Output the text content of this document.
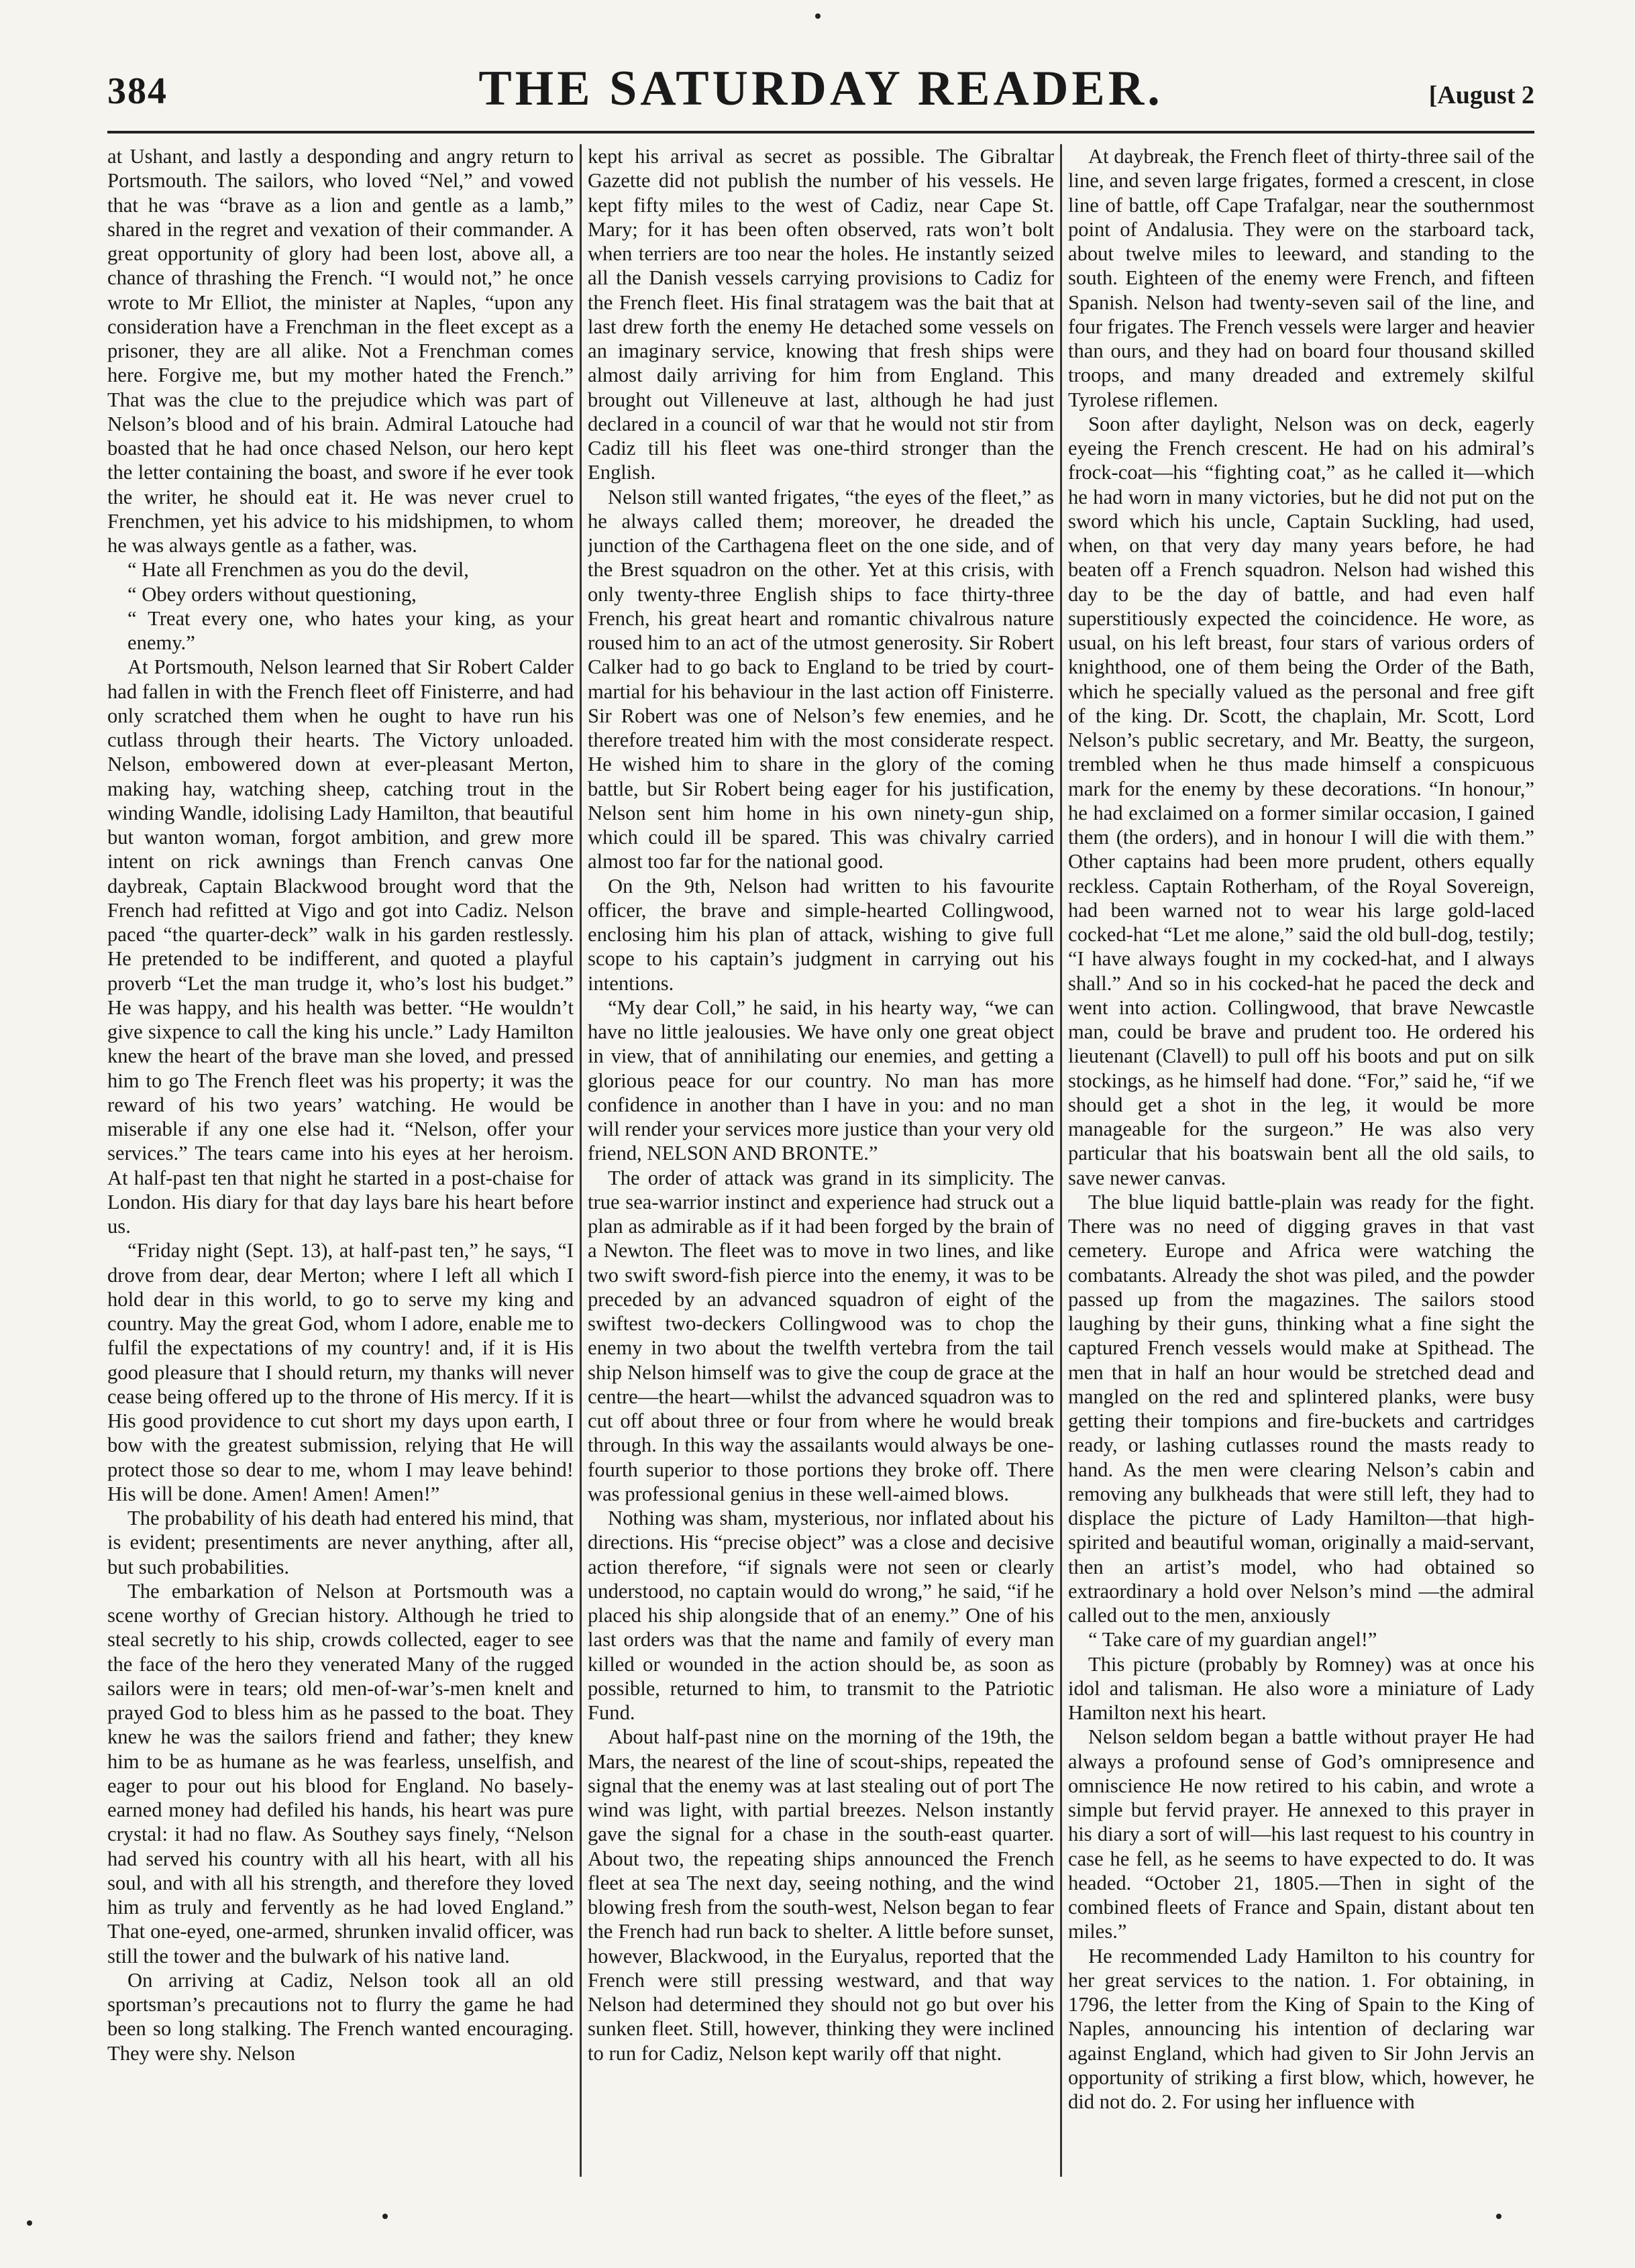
384	THE SATURDAY READER.	[August 2

at Ushant, and lastly a desponding and angry return to Portsmouth. The sailors, who loved “Nel,” and vowed that he was “brave as a lion and gentle as a lamb,” shared in the regret and vexation of their commander. A great opportunity of glory had been lost, above all, a chance of thrashing the French. “I would not,” he once wrote to Mr Elliot, the minister at Naples, “upon any consideration have a Frenchman in the fleet except as a prisoner, they are all alike. Not a Frenchman comes here. Forgive me, but my mother hated the French.” That was the clue to the prejudice which was part of Nelson’s blood and of his brain. Admiral Latouche had boasted that he had once chased Nelson, our hero kept the letter containing the boast, and swore if he ever took the writer, he should eat it. He was never cruel to Frenchmen, yet his advice to his midshipmen, to whom he was always gentle as a father, was.

“ Hate all Frenchmen as you do the devil,

“ Obey orders without questioning,

“ Treat every one, who hates your king, as your enemy.”

At Portsmouth, Nelson learned that Sir Robert Calder had fallen in with the French fleet off Finisterre, and had only scratched them when he ought to have run his cutlass through their hearts. The Victory unloaded. Nelson, embowered down at ever-pleasant Merton, making hay, watching sheep, catching trout in the winding Wandle, idolising Lady Hamilton, that beautiful but wanton woman, forgot ambition, and grew more intent on rick awnings than French canvas One daybreak, Captain Blackwood brought word that the French had refitted at Vigo and got into Cadiz. Nelson paced “the quarter-deck” walk in his garden restlessly. He pretended to be indifferent, and quoted a playful proverb “Let the man trudge it, who’s lost his budget.” He was happy, and his health was better. “He wouldn’t give sixpence to call the king his uncle.” Lady Hamilton knew the heart of the brave man she loved, and pressed him to go The French fleet was his property; it was the reward of his two years’ watching. He would be miserable if any one else had it. “Nelson, offer your services.” The tears came into his eyes at her heroism. At half-past ten that night he started in a post-chaise for London. His diary for that day lays bare his heart before us.

“Friday night (Sept. 13), at half-past ten,” he says, “I drove from dear, dear Merton; where I left all which I hold dear in this world, to go to serve my king and country. May the great God, whom I adore, enable me to fulfil the expectations of my country! and, if it is His good pleasure that I should return, my thanks will never cease being offered up to the throne of His mercy. If it is His good providence to cut short my days upon earth, I bow with the greatest submission, relying that He will protect those so dear to me, whom I may leave behind! His will be done. Amen! Amen! Amen!”

The probability of his death had entered his mind, that is evident; presentiments are never anything, after all, but such probabilities.

The embarkation of Nelson at Portsmouth was a scene worthy of Grecian history. Although he tried to steal secretly to his ship, crowds collected, eager to see the face of the hero they venerated Many of the rugged sailors were in tears; old men-of-war’s-men knelt and prayed God to bless him as he passed to the boat. They knew he was the sailors friend and father; they knew him to be as humane as he was fearless, unselfish, and eager to pour out his blood for England. No basely-earned money had defiled his hands, his heart was pure crystal: it had no flaw. As Southey says finely, “Nelson had served his country with all his heart, with all his soul, and with all his strength, and therefore they loved him as truly and fervently as he had loved England.” That one-eyed, one-armed, shrunken invalid officer, was still the tower and the bulwark of his native land.

On arriving at Cadiz, Nelson took all an old sportsman’s precautions not to flurry the game he had been so long stalking. The French wanted encouraging. They were shy. Nelson

kept his arrival as secret as possible. The Gibraltar Gazette did not publish the number of his vessels. He kept fifty miles to the west of Cadiz, near Cape St. Mary; for it has been often observed, rats won’t bolt when terriers are too near the holes. He instantly seized all the Danish vessels carrying provisions to Cadiz for the French fleet. His final stratagem was the bait that at last drew forth the enemy He detached some vessels on an imaginary service, knowing that fresh ships were almost daily arriving for him from England. This brought out Villeneuve at last, although he had just declared in a council of war that he would not stir from Cadiz till his fleet was one-third stronger than the English.

Nelson still wanted frigates, “the eyes of the fleet,” as he always called them; moreover, he dreaded the junction of the Carthagena fleet on the one side, and of the Brest squadron on the other. Yet at this crisis, with only twenty-three English ships to face thirty-three French, his great heart and romantic chivalrous nature roused him to an act of the utmost generosity. Sir Robert Calker had to go back to England to be tried by court-martial for his behaviour in the last action off Finisterre. Sir Robert was one of Nelson’s few enemies, and he therefore treated him with the most considerate respect. He wished him to share in the glory of the coming battle, but Sir Robert being eager for his justification, Nelson sent him home in his own ninety-gun ship, which could ill be spared. This was chivalry carried almost too far for the national good.

On the 9th, Nelson had written to his favourite officer, the brave and simple-hearted Collingwood, enclosing him his plan of attack, wishing to give full scope to his captain’s judgment in carrying out his intentions.

“My dear Coll,” he said, in his hearty way, “we can have no little jealousies. We have only one great object in view, that of annihilating our enemies, and getting a glorious peace for our country. No man has more confidence in another than I have in you: and no man will render your services more justice than your very old friend, NELSON AND BRONTE.”

The order of attack was grand in its simplicity. The true sea-warrior instinct and experience had struck out a plan as admirable as if it had been forged by the brain of a Newton. The fleet was to move in two lines, and like two swift sword-fish pierce into the enemy, it was to be preceded by an advanced squadron of eight of the swiftest two-deckers Collingwood was to chop the enemy in two about the twelfth vertebra from the tail ship Nelson himself was to give the coup de grace at the centre—the heart—whilst the advanced squadron was to cut off about three or four from where he would break through. In this way the assailants would always be one-fourth superior to those portions they broke off. There was professional genius in these well-aimed blows.

Nothing was sham, mysterious, nor inflated about his directions. His “precise object” was a close and decisive action therefore, “if signals were not seen or clearly understood, no captain would do wrong,” he said, “if he placed his ship alongside that of an enemy.” One of his last orders was that the name and family of every man killed or wounded in the action should be, as soon as possible, returned to him, to transmit to the Patriotic Fund.

About half-past nine on the morning of the 19th, the Mars, the nearest of the line of scout-ships, repeated the signal that the enemy was at last stealing out of port The wind was light, with partial breezes. Nelson instantly gave the signal for a chase in the south-east quarter. About two, the repeating ships announced the French fleet at sea The next day, seeing nothing, and the wind blowing fresh from the south-west, Nelson began to fear the French had run back to shelter. A little before sunset, however, Blackwood, in the Euryalus, reported that the French were still pressing westward, and that way Nelson had determined they should not go but over his sunken fleet. Still, however, thinking they were inclined to run for Cadiz, Nelson kept warily off that night.

At daybreak, the French fleet of thirty-three sail of the line, and seven large frigates, formed a crescent, in close line of battle, off Cape Trafalgar, near the southernmost point of Andalusia. They were on the starboard tack, about twelve miles to leeward, and standing to the south. Eighteen of the enemy were French, and fifteen Spanish. Nelson had twenty-seven sail of the line, and four frigates. The French vessels were larger and heavier than ours, and they had on board four thousand skilled troops, and many dreaded and extremely skilful Tyrolese riflemen.

Soon after daylight, Nelson was on deck, eagerly eyeing the French crescent. He had on his admiral’s frock-coat—his “fighting coat,” as he called it—which he had worn in many victories, but he did not put on the sword which his uncle, Captain Suckling, had used, when, on that very day many years before, he had beaten off a French squadron. Nelson had wished this day to be the day of battle, and had even half superstitiously expected the coincidence. He wore, as usual, on his left breast, four stars of various orders of knighthood, one of them being the Order of the Bath, which he specially valued as the personal and free gift of the king. Dr. Scott, the chaplain, Mr. Scott, Lord Nelson’s public secretary, and Mr. Beatty, the surgeon, trembled when he thus made himself a conspicuous mark for the enemy by these decorations. “In honour,” he had exclaimed on a former similar occasion, I gained them (the orders), and in honour I will die with them.” Other captains had been more prudent, others equally reckless. Captain Rotherham, of the Royal Sovereign, had been warned not to wear his large gold-laced cocked-hat “Let me alone,” said the old bull-dog, testily; “I have always fought in my cocked-hat, and I always shall.” And so in his cocked-hat he paced the deck and went into action. Collingwood, that brave Newcastle man, could be brave and prudent too. He ordered his lieutenant (Clavell) to pull off his boots and put on silk stockings, as he himself had done. “For,” said he, “if we should get a shot in the leg, it would be more manageable for the surgeon.” He was also very particular that his boatswain bent all the old sails, to save newer canvas.

The blue liquid battle-plain was ready for the fight. There was no need of digging graves in that vast cemetery. Europe and Africa were watching the combatants. Already the shot was piled, and the powder passed up from the magazines. The sailors stood laughing by their guns, thinking what a fine sight the captured French vessels would make at Spithead. The men that in half an hour would be stretched dead and mangled on the red and splintered planks, were busy getting their tompions and fire-buckets and cartridges ready, or lashing cutlasses round the masts ready to hand. As the men were clearing Nelson’s cabin and removing any bulkheads that were still left, they had to displace the picture of Lady Hamilton—that high-spirited and beautiful woman, originally a maid-servant, then an artist’s model, who had obtained so extraordinary a hold over Nelson’s mind —the admiral called out to the men, anxiously

“ Take care of my guardian angel!”

This picture (probably by Romney) was at once his idol and talisman. He also wore a miniature of Lady Hamilton next his heart.

Nelson seldom began a battle without prayer He had always a profound sense of God’s omnipresence and omniscience He now retired to his cabin, and wrote a simple but fervid prayer. He annexed to this prayer in his diary a sort of will—his last request to his country in case he fell, as he seems to have expected to do. It was headed. “October 21, 1805.—Then in sight of the combined fleets of France and Spain, distant about ten miles.”

He recommended Lady Hamilton to his country for her great services to the nation. 1. For obtaining, in 1796, the letter from the King of Spain to the King of Naples, announcing his intention of declaring war against England, which had given to Sir John Jervis an opportunity of striking a first blow, which, however, he did not do. 2. For using her influence with
